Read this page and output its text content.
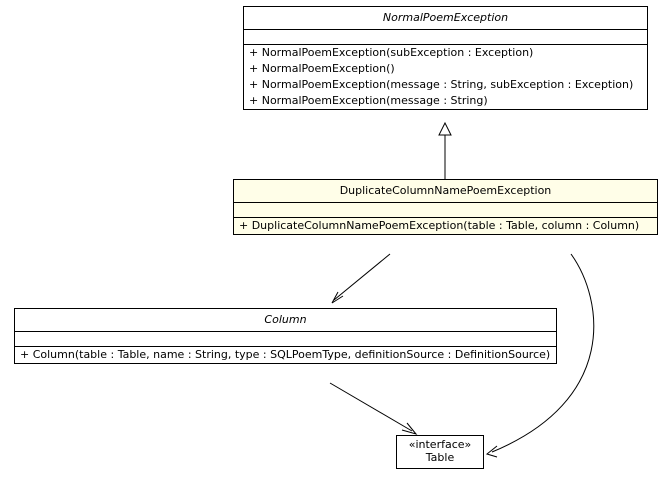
NormalPoemException
+ NormalPoemException(subException : Exception)
+ NormalPoemException()
+ NormalPoemException(message : String, subException : Exception)
+ NormalPoemException(message : String)
DuplicateColumnNamePoemException
+ DuplicateColumnNamePoemException(table : Table, column : Column)
Column
+ Column(table : Table, name : String, type : SQLPoemType, definitionSource : DefinitionSource)
«interface»
Table
